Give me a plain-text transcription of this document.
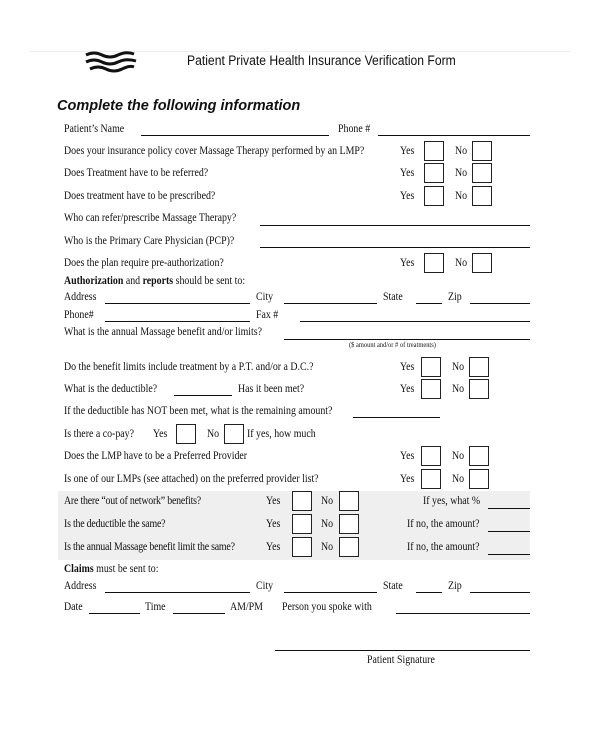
Patient Private Health Insurance Verification Form
Complete the following information
Patient’s Name	Phone #
Does your insurance policy cover Massage Therapy performed by an LMP?	Yes	No
Does Treatment have to be referred?	Yes	No
Does treatment have to be prescribed?	Yes	No
Who can refer/prescribe Massage Therapy?
Who is the Primary Care Physician (PCP)?
Does the plan require pre-authorization?	Yes	No
Authorization and reports should be sent to:
Address	City	State	Zip
Phone#	Fax #
What is the annual Massage benefit and/or limits?
($ amount and/or # of treatments)
Do the benefit limits include treatment by a P.T. and/or a D.C.?	Yes	No
What is the deductible?	Has it been met?	Yes	No
If the deductible has NOT been met, what is the remaining amount?
Is there a co-pay? Yes	No If yes, how much
Does the LMP have to be a Preferred Provider	Yes	No
Is one of our LMPs (see attached) on the preferred provider list?	Yes	No
Are there “out of network” benefits?	Yes	No	If yes, what %
Is the deductible the same?	Yes	No	If no, the amount?
Is the annual Massage benefit limit the same?	Yes	No	If no, the amount?
Claims must be sent to:
Address	City	State	Zip
Date	Time	AM/PM Person you spoke with
Patient Signature
